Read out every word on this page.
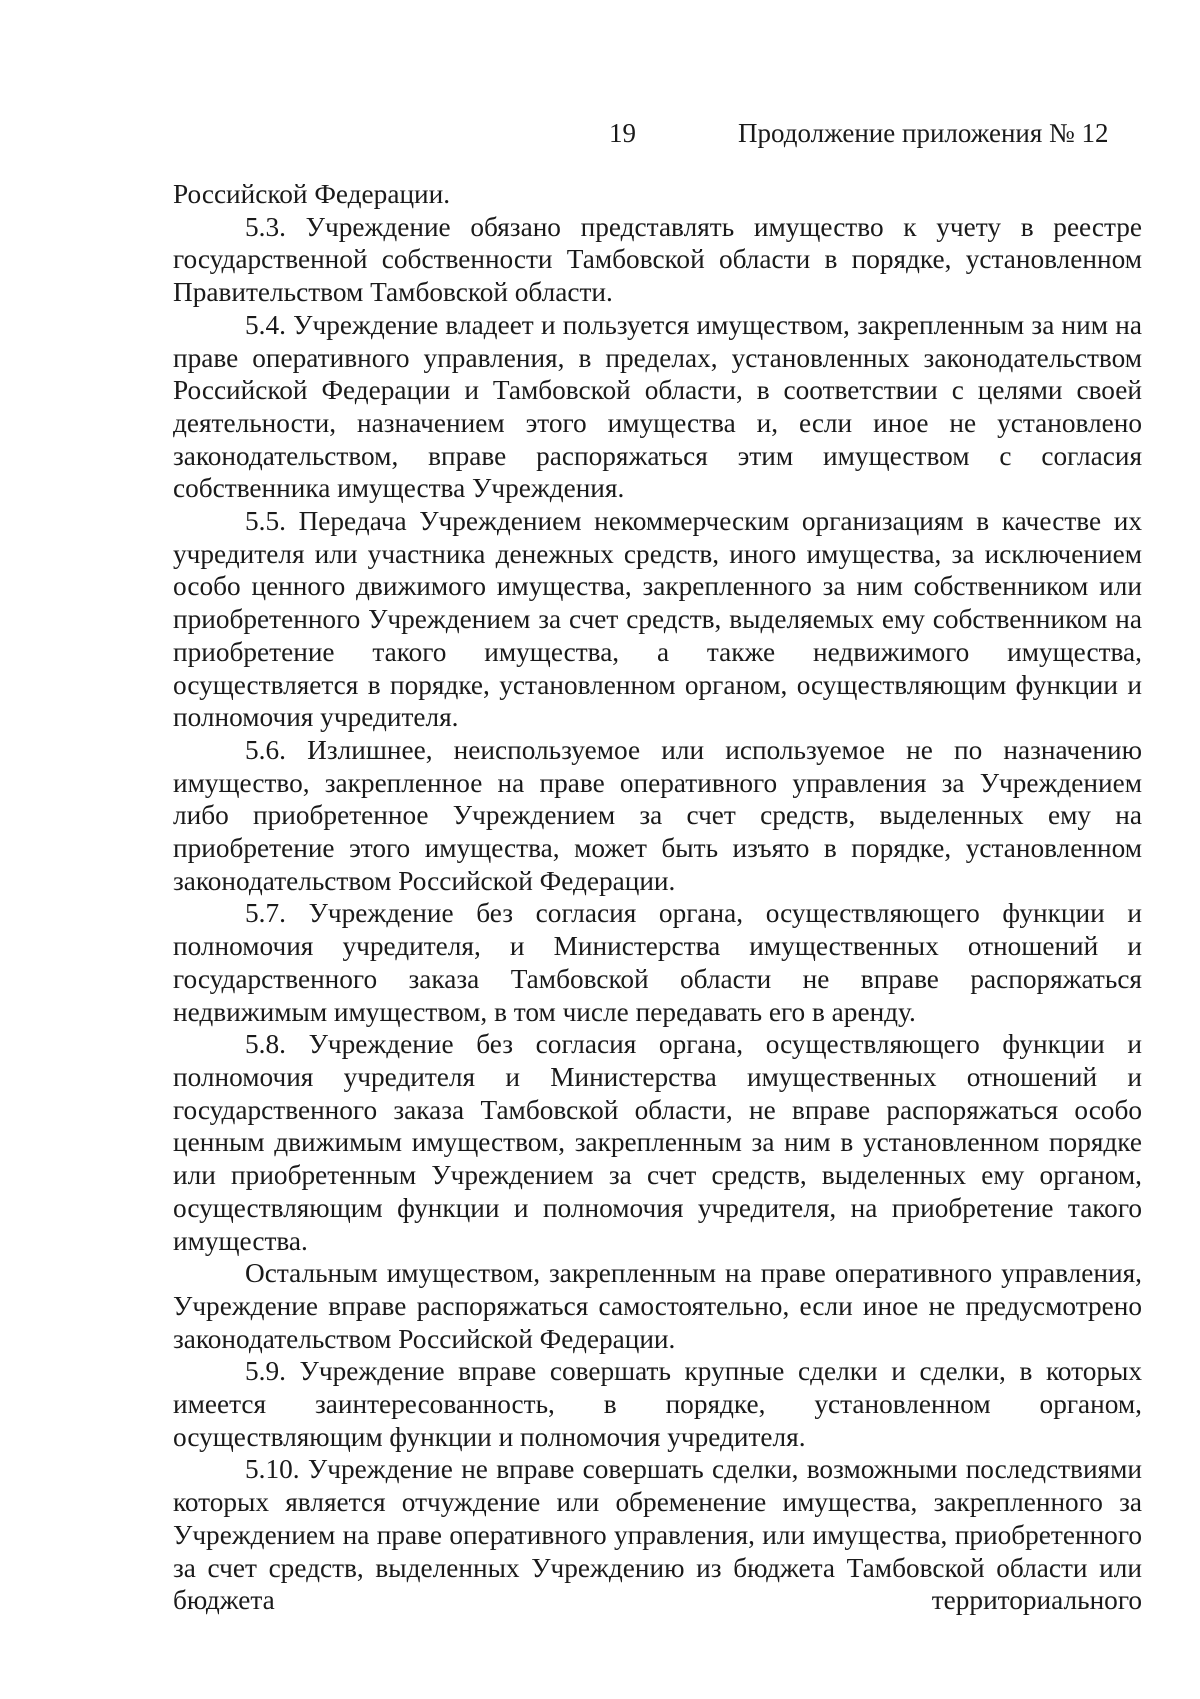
19	Продолжение приложения № 12

Российской Федерации.

5.3. Учреждение обязано представлять имущество к учету в реестре государственной собственности Тамбовской области в порядке, установленном Правительством Тамбовской области.

5.4. Учреждение владеет и пользуется имуществом, закрепленным за ним на праве оперативного управления, в пределах, установленных законодательством Российской Федерации и Тамбовской области, в соответствии с целями своей деятельности, назначением этого имущества и, если иное не установлено законодательством, вправе распоряжаться этим имуществом с согласия собственника имущества Учреждения.

5.5. Передача Учреждением некоммерческим организациям в качестве их учредителя или участника денежных средств, иного имущества, за исключением особо ценного движимого имущества, закрепленного за ним собственником или приобретенного Учреждением за счет средств, выделяемых ему собственником на приобретение такого имущества, а также недвижимого имущества, осуществляется в порядке, установленном органом, осуществляющим функции и полномочия учредителя.

5.6. Излишнее, неиспользуемое или используемое не по назначению имущество, закрепленное на праве оперативного управления за Учреждением либо приобретенное Учреждением за счет средств, выделенных ему на приобретение этого имущества, может быть изъято в порядке, установленном законодательством Российской Федерации.

5.7. Учреждение без согласия органа, осуществляющего функции и полномочия учредителя, и Министерства имущественных отношений и государственного заказа Тамбовской области не вправе распоряжаться недвижимым имуществом, в том числе передавать его в аренду.

5.8. Учреждение без согласия органа, осуществляющего функции и полномочия учредителя и Министерства имущественных отношений и государственного заказа Тамбовской области, не вправе распоряжаться особо ценным движимым имуществом, закрепленным за ним в установленном порядке или приобретенным Учреждением за счет средств, выделенных ему органом, осуществляющим функции и полномочия учредителя, на приобретение такого имущества.

Остальным имуществом, закрепленным на праве оперативного управления, Учреждение вправе распоряжаться самостоятельно, если иное не предусмотрено законодательством Российской Федерации.

5.9. Учреждение вправе совершать крупные сделки и сделки, в которых имеется заинтересованность, в порядке, установленном органом, осуществляющим функции и полномочия учредителя.

5.10. Учреждение не вправе совершать сделки, возможными последствиями которых является отчуждение или обременение имущества, закрепленного за Учреждением на праве оперативного управления, или имущества, приобретенного за счет средств, выделенных Учреждению из бюджета Тамбовской области или бюджета территориального
